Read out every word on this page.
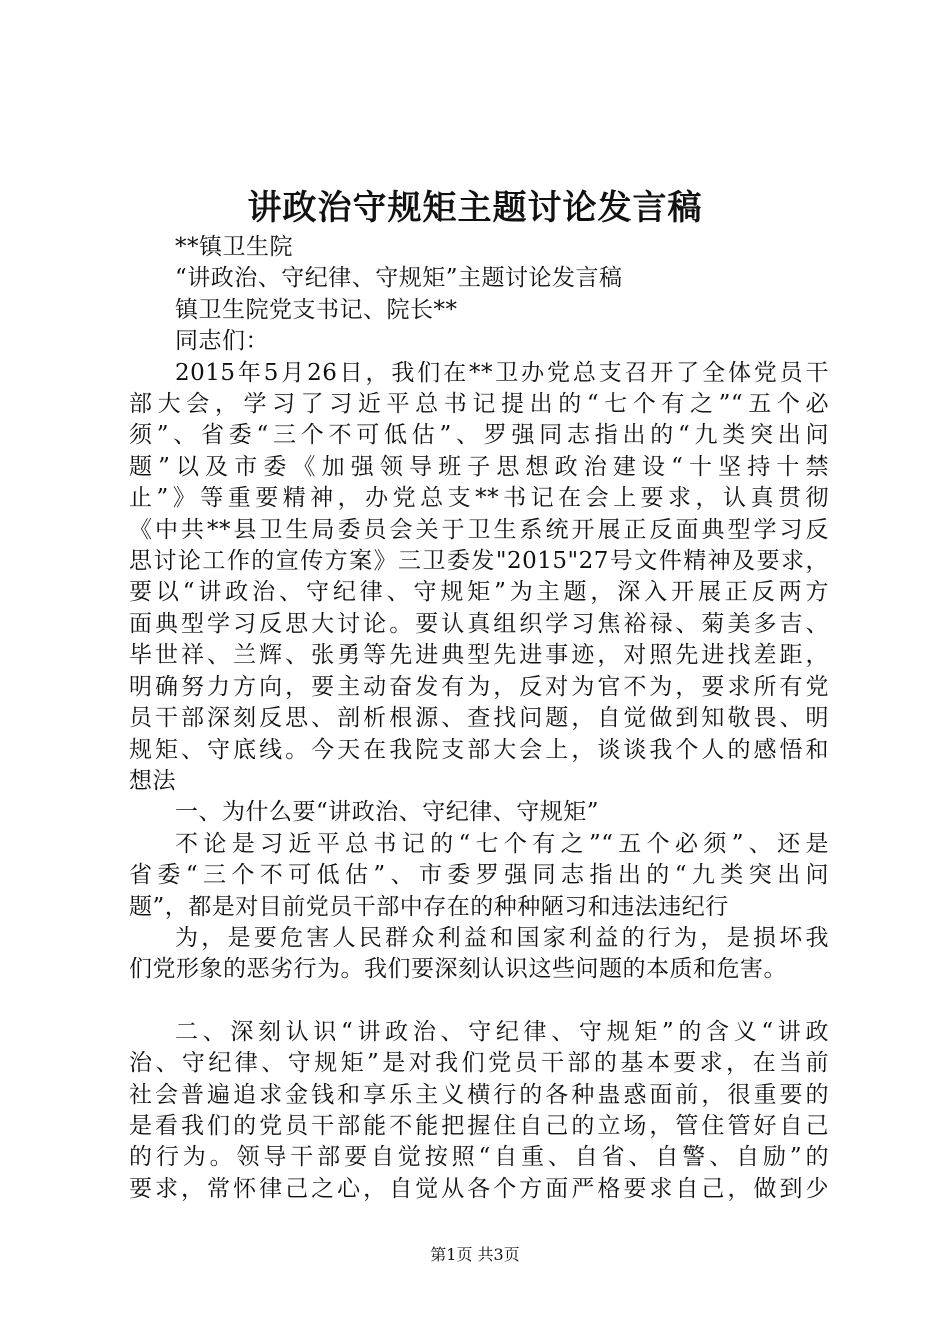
讲政治守规矩主题讨论发言稿
**镇卫生院
“讲政治、守纪律、守规矩”主题讨论发言稿
镇卫生院党支书记、院长**
同志们：
2015年5月26日，我们在**卫办党总支召开了全体党员干
部大会，学习了习近平总书记提出的“七个有之”“五个必
须”、省委“三个不可低估”、罗强同志指出的“九类突出问
题”以及市委《加强领导班子思想政治建设“十坚持十禁
止”》等重要精神，办党总支**书记在会上要求，认真贯彻
《中共**县卫生局委员会关于卫生系统开展正反面典型学习反
思讨论工作的宣传方案》三卫委发"2015"27号文件精神及要求，
要以“讲政治、守纪律、守规矩”为主题，深入开展正反两方
面典型学习反思大讨论。要认真组织学习焦裕禄、菊美多吉、
毕世祥、兰辉、张勇等先进典型先进事迹，对照先进找差距，
明确努力方向，要主动奋发有为，反对为官不为，要求所有党
员干部深刻反思、剖析根源、查找问题，自觉做到知敬畏、明
规矩、守底线。今天在我院支部大会上，谈谈我个人的感悟和
想法
一、为什么要“讲政治、守纪律、守规矩”
不论是习近平总书记的“七个有之”“五个必须”、还是
省委“三个不可低估”、市委罗强同志指出的“九类突出问
题”，都是对目前党员干部中存在的种种陋习和违法违纪行
为，是要危害人民群众利益和国家利益的行为，是损坏我
们党形象的恶劣行为。我们要深刻认识这些问题的本质和危害。
二、深刻认识“讲政治、守纪律、守规矩”的含义“讲政
治、守纪律、守规矩”是对我们党员干部的基本要求，在当前
社会普遍追求金钱和享乐主义横行的各种蛊惑面前，很重要的
是看我们的党员干部能不能把握住自己的立场，管住管好自己
的行为。领导干部要自觉按照“自重、自省、自警、自励”的
要求，常怀律己之心，自觉从各个方面严格要求自己，做到少
第1页 共3页
